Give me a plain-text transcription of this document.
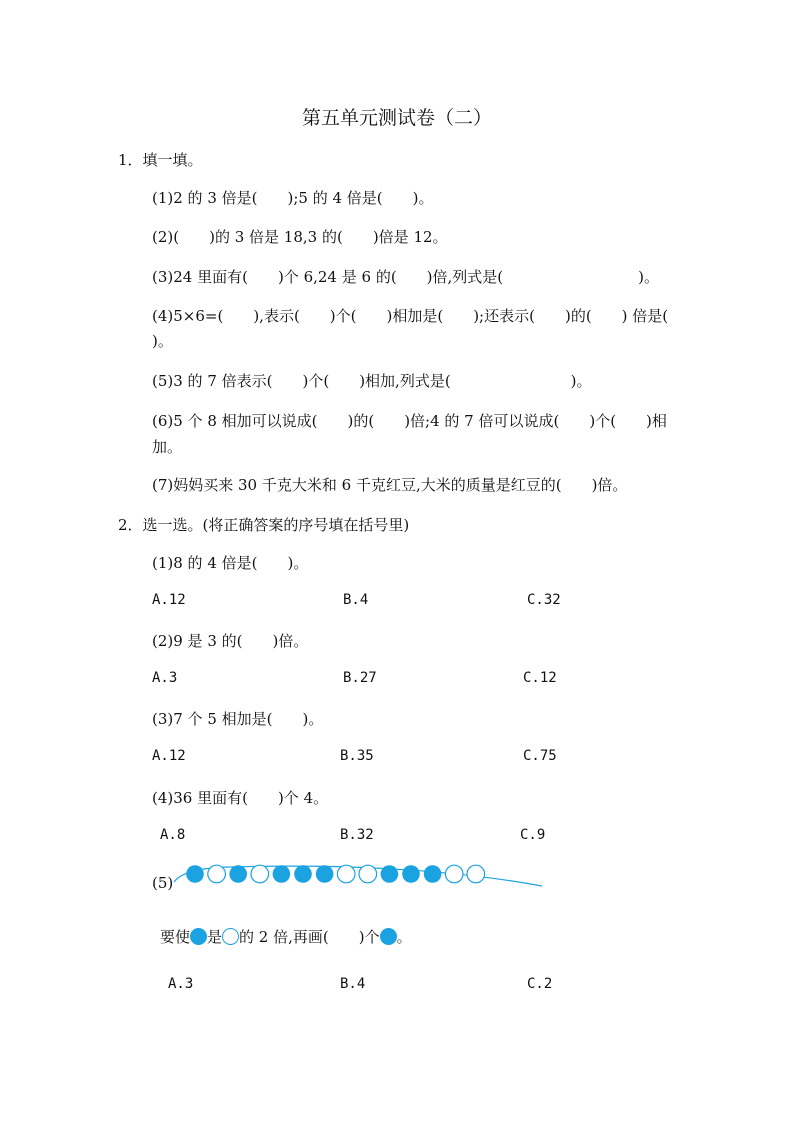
第五单元测试卷（二）
1．填一填。
(1)2 的 3 倍是(　　);5 的 4 倍是(　　)。
(2)(　　)的 3 倍是 18,3 的(　　)倍是 12。
(3)24 里面有(　　)个 6,24 是 6 的(　　)倍,列式是(　　　　　　　　　)。
(4)5×6=(　　),表示(　　)个(　　)相加是(　　);还表示(　　)的(　　) 倍是(
)。
(5)3 的 7 倍表示(　　)个(　　)相加,列式是(　　　　　　　　)。
(6)5 个 8 相加可以说成(　　)的(　　)倍;4 的 7 倍可以说成(　　)个(　　)相
加。
(7)妈妈买来 30 千克大米和 6 千克红豆,大米的质量是红豆的(　　)倍。
2．选一选。(将正确答案的序号填在括号里)
(1)8 的 4 倍是(　　)。
A.12	B.4	C.32
(2)9 是 3 的(　　)倍。
A.3	B.27	C.12
(3)7 个 5 相加是(　　)。
A.12	B.35	C.75
(4)36 里面有(　　)个 4。
A.8	B.32	C.9
(5)
要使 是 的 2 倍,再画(　　)个 。
A.3	B.4	C.2
